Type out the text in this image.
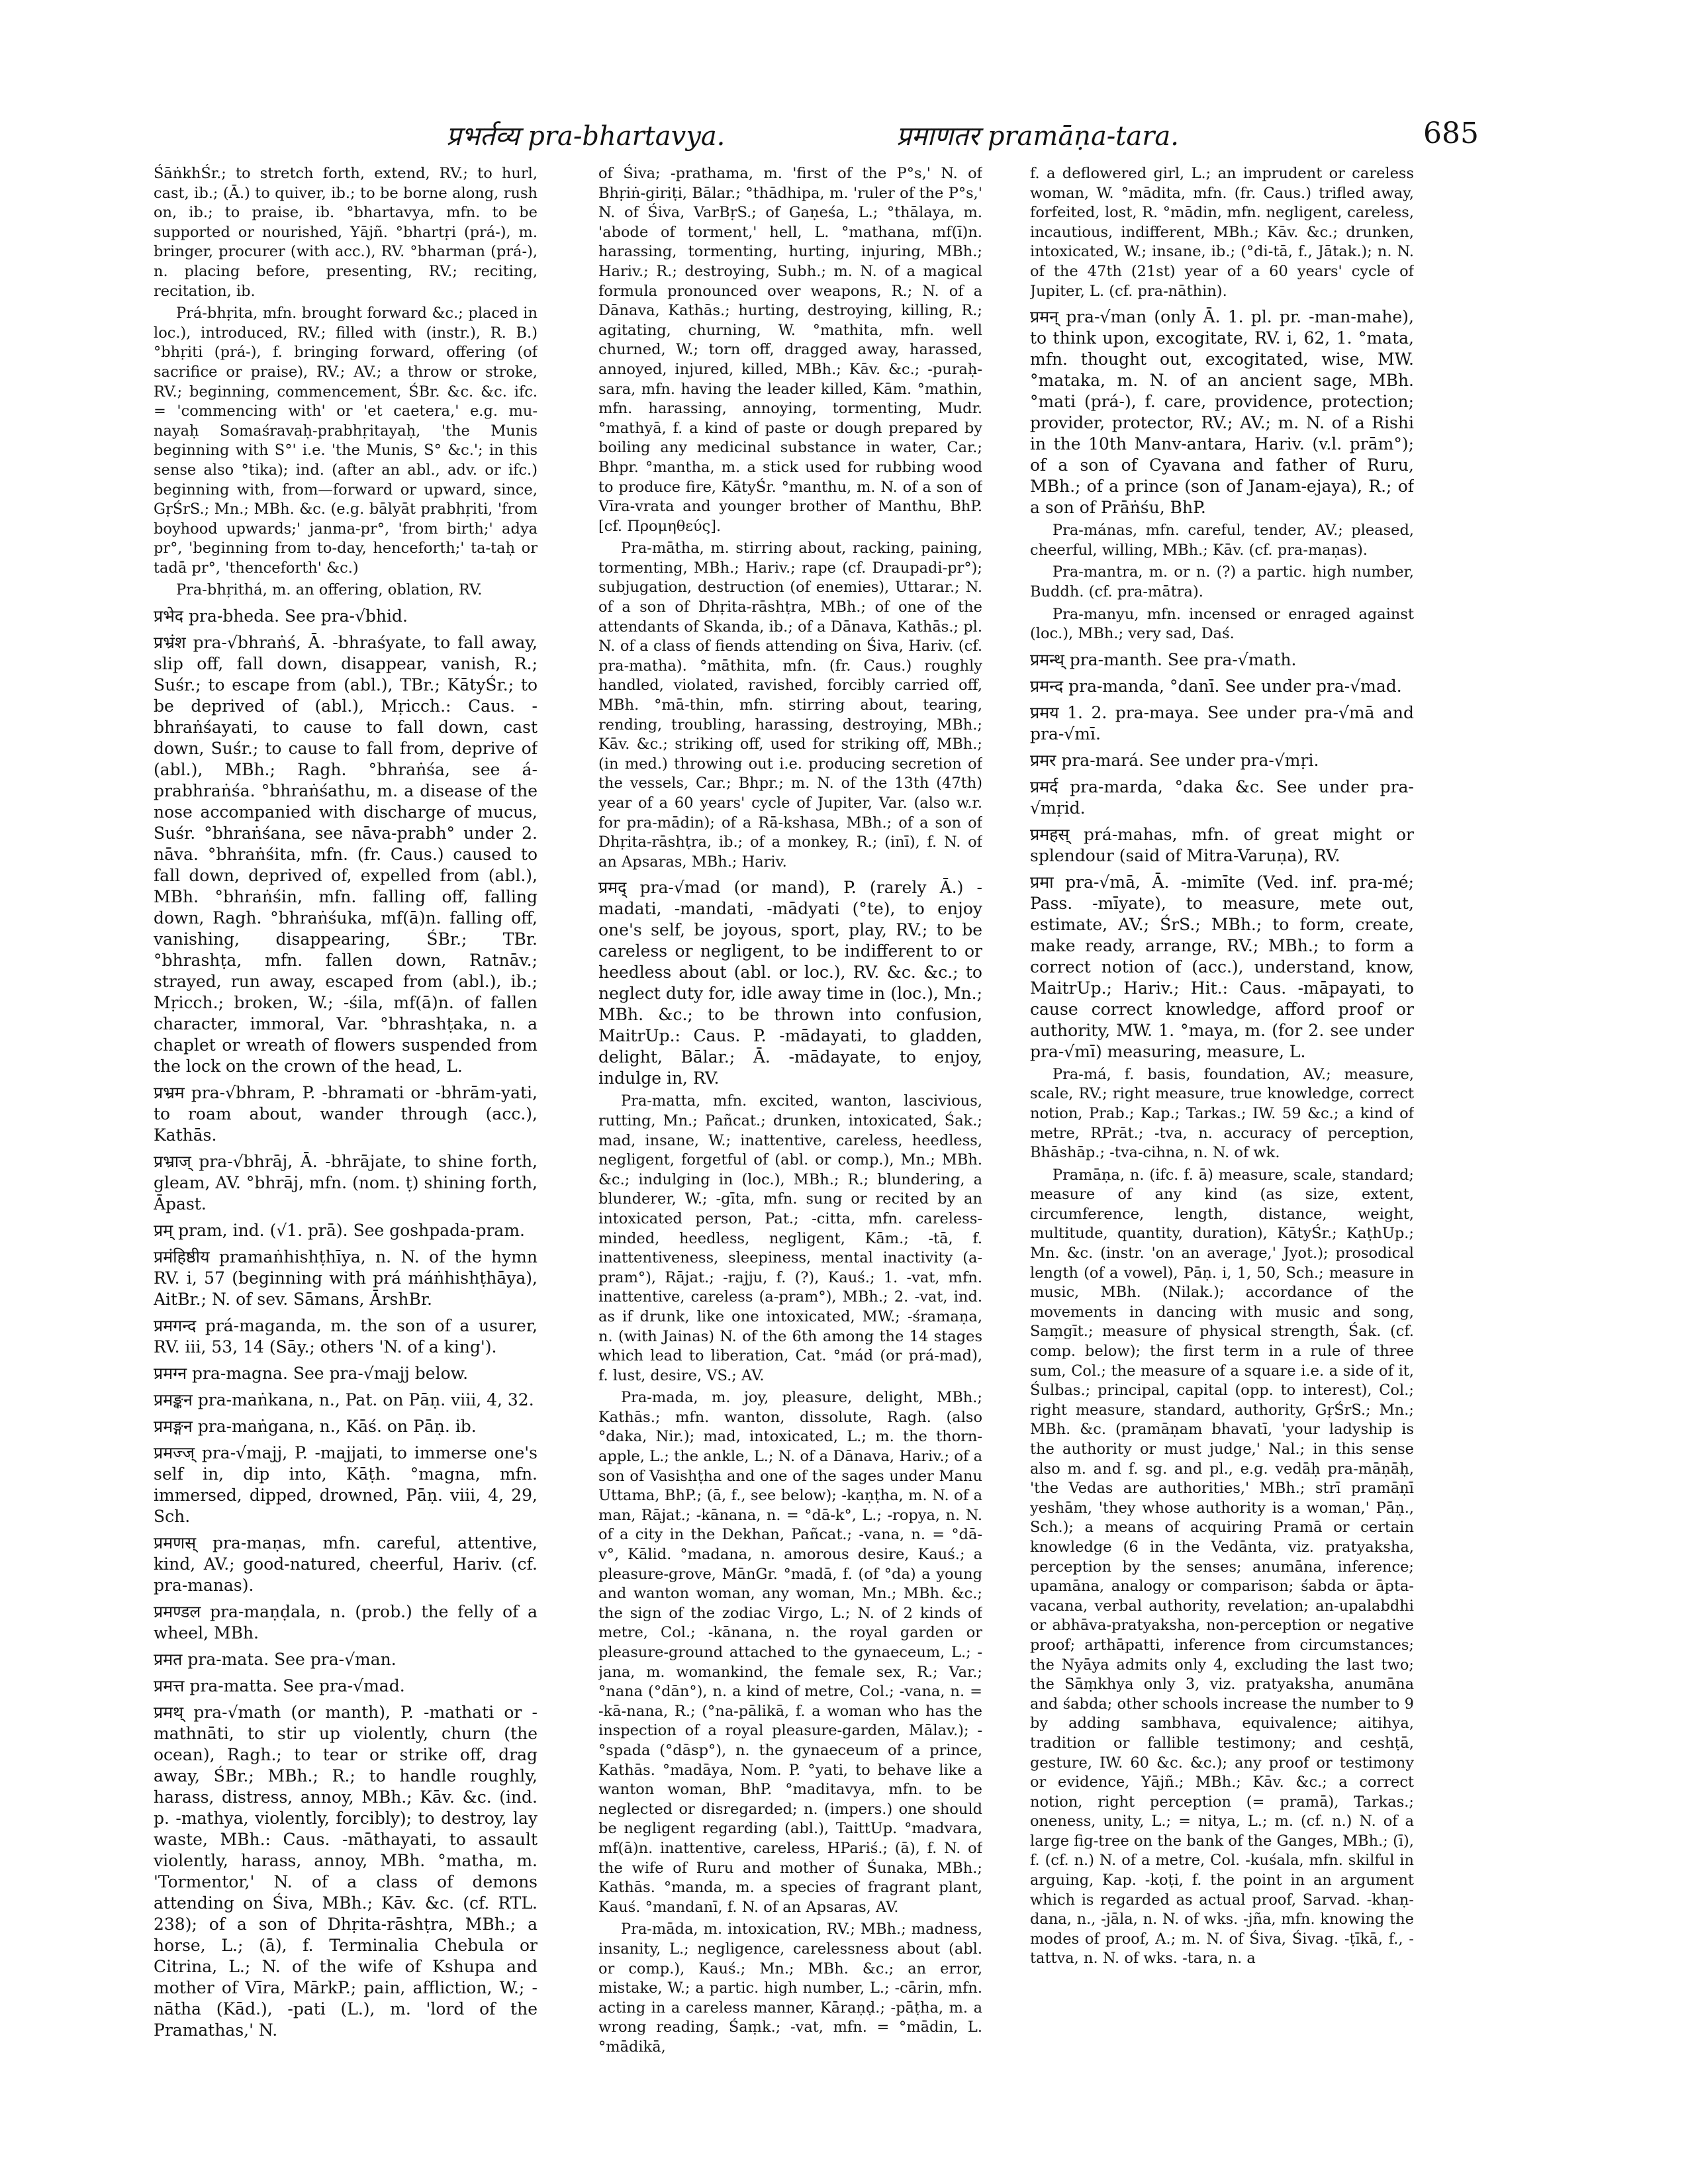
प्रभर्तव्य pra-bhartavya.	प्रमाणतर pramāṇa-tara.	685

ŚāṅkhŚr.; to stretch forth, extend, RV.; to hurl, cast, ib.; (Ā.) to quiver, ib.; to be borne along, rush on, ib.; to praise, ib. °bhartavya, mfn. to be supported or nourished, Yājñ. °bhartṛi (prá-), m. bringer, procurer (with acc.), RV. °bharman (prá-), n. placing before, presenting, RV.; reciting, recitation, ib.

Prá-bhṛita, mfn. brought forward &c.; placed in loc.), introduced, RV.; filled with (instr.), R. B.) °bhṛiti (prá-), f. bringing forward, offering (of sacrifice or praise), RV.; AV.; a throw or stroke, RV.; beginning, commencement, ŚBr. &c. &c. ifc. = 'commencing with' or 'et caetera,' e.g. mu-nayaḥ Somaśravaḥ-prabhṛitayaḥ, 'the Munis beginning with S°' i.e. 'the Munis, S° &c.'; in this sense also °tika); ind. (after an abl., adv. or ifc.) beginning with, from—forward or upward, since, GṛŚrS.; Mn.; MBh. &c. (e.g. bālyāt prabhṛiti, 'from boyhood upwards;' janma-pr°, 'from birth;' adya pr°, 'beginning from to-day, henceforth;' ta-taḥ or tadā pr°, 'thenceforth' &c.)

Pra-bhṛithá, m. an offering, oblation, RV.

प्रभेद pra-bheda. See pra-√bhid.

प्रभ्रंश pra-√bhraṅś, Ā. -bhraśyate, to fall away, slip off, fall down, disappear, vanish, R.; Suśr.; to escape from (abl.), TBr.; KātyŚr.; to be deprived of (abl.), Mṛicch.: Caus. -bhraṅśayati, to cause to fall down, cast down, Suśr.; to cause to fall from, deprive of (abl.), MBh.; Ragh. °bhraṅśa, see á-prabhraṅśa. °bhraṅśathu, m. a disease of the nose accompanied with discharge of mucus, Suśr. °bhraṅśana, see nāva-prabh° under 2. nāva. °bhraṅśita, mfn. (fr. Caus.) caused to fall down, deprived of, expelled from (abl.), MBh. °bhraṅśin, mfn. falling off, falling down, Ragh. °bhraṅśuka, mf(ā)n. falling off, vanishing, disappearing, ŚBr.; TBr. °bhrashṭa, mfn. fallen down, Ratnāv.; strayed, run away, escaped from (abl.), ib.; Mṛicch.; broken, W.; -śila, mf(ā)n. of fallen character, immoral, Var. °bhrashṭaka, n. a chaplet or wreath of flowers suspended from the lock on the crown of the head, L.

प्रभ्रम pra-√bhram, P. -bhramati or -bhrām-yati, to roam about, wander through (acc.), Kathās.

प्रभ्राज् pra-√bhrāj, Ā. -bhrājate, to shine forth, gleam, AV. °bhrāj, mfn. (nom. ṭ) shining forth, Āpast.

प्रम् pram, ind. (√1. prā). See goshpada-pram.

प्रमंहिष्ठीय pramaṅhishṭhīya, n. N. of the hymn RV. i, 57 (beginning with prá máṅhishṭhāya), AitBr.; N. of sev. Sāmans, ĀrshBr.

प्रमगन्द prá-maganda, m. the son of a usurer, RV. iii, 53, 14 (Sāy.; others 'N. of a king').

प्रमग्न pra-magna. See pra-√majj below.

प्रमङ्कन pra-maṅkana, n., Pat. on Pāṇ. viii, 4, 32.

प्रमङ्गन pra-maṅgana, n., Kāś. on Pāṇ. ib.

प्रमज्ज् pra-√majj, P. -majjati, to immerse one's self in, dip into, Kāṭh. °magna, mfn. immersed, dipped, drowned, Pāṇ. viii, 4, 29, Sch.

प्रमणस् pra-maṇas, mfn. careful, attentive, kind, AV.; good-natured, cheerful, Hariv. (cf. pra-manas).

प्रमण्डल pra-maṇḍala, n. (prob.) the felly of a wheel, MBh.

प्रमत pra-mata. See pra-√man.

प्रमत्त pra-matta. See pra-√mad.

प्रमथ् pra-√math (or manth), P. -mathati or -mathnāti, to stir up violently, churn (the ocean), Ragh.; to tear or strike off, drag away, ŚBr.; MBh.; R.; to handle roughly, harass, distress, annoy, MBh.; Kāv. &c. (ind. p. -mathya, violently, forcibly); to destroy, lay waste, MBh.: Caus. -māthayati, to assault violently, harass, annoy, MBh. °matha, m. 'Tormentor,' N. of a class of demons attending on Śiva, MBh.; Kāv. &c. (cf. RTL. 238); of a son of Dhṛita-rāshṭra, MBh.; a horse, L.; (ā), f. Terminalia Chebula or Citrina, L.; N. of the wife of Kshupa and mother of Vīra, MārkP.; pain, affliction, W.; -nātha (Kād.), -pati (L.), m. 'lord of the Pramathas,' N.

of Śiva; -prathama, m. 'first of the P°s,' N. of Bhṛiṅ-giriṭi, Bālar.; °thādhipa, m. 'ruler of the P°s,' N. of Śiva, VarBṛS.; of Gaṇeśa, L.; °thālaya, m. 'abode of torment,' hell, L. °mathana, mf(ī)n. harassing, tormenting, hurting, injuring, MBh.; Hariv.; R.; destroying, Subh.; m. N. of a magical formula pronounced over weapons, R.; N. of a Dānava, Kathās.; hurting, destroying, killing, R.; agitating, churning, W. °mathita, mfn. well churned, W.; torn off, dragged away, harassed, annoyed, injured, killed, MBh.; Kāv. &c.; -puraḥ-sara, mfn. having the leader killed, Kām. °mathin, mfn. harassing, annoying, tormenting, Mudr. °mathyā, f. a kind of paste or dough prepared by boiling any medicinal substance in water, Car.; Bhpr. °mantha, m. a stick used for rubbing wood to produce fire, KātyŚr. °manthu, m. N. of a son of Vīra-vrata and younger brother of Manthu, BhP. [cf. Προμηθεύς].

Pra-mātha, m. stirring about, racking, paining, tormenting, MBh.; Hariv.; rape (cf. Draupadi-pr°); subjugation, destruction (of enemies), Uttarar.; N. of a son of Dhṛita-rāshṭra, MBh.; of one of the attendants of Skanda, ib.; of a Dānava, Kathās.; pl. N. of a class of fiends attending on Śiva, Hariv. (cf. pra-matha). °māthita, mfn. (fr. Caus.) roughly handled, violated, ravished, forcibly carried off, MBh. °mā-thin, mfn. stirring about, tearing, rending, troubling, harassing, destroying, MBh.; Kāv. &c.; striking off, used for striking off, MBh.; (in med.) throwing out i.e. producing secretion of the vessels, Car.; Bhpr.; m. N. of the 13th (47th) year of a 60 years' cycle of Jupiter, Var. (also w.r. for pra-mādin); of a Rā-kshasa, MBh.; of a son of Dhṛita-rāshṭra, ib.; of a monkey, R.; (inī), f. N. of an Apsaras, MBh.; Hariv.

प्रमद् pra-√mad (or mand), P. (rarely Ā.) -madati, -mandati, -mādyati (°te), to enjoy one's self, be joyous, sport, play, RV.; to be careless or negligent, to be indifferent to or heedless about (abl. or loc.), RV. &c. &c.; to neglect duty for, idle away time in (loc.), Mn.; MBh. &c.; to be thrown into confusion, MaitrUp.: Caus. P. -mādayati, to gladden, delight, Bālar.; Ā. -mādayate, to enjoy, indulge in, RV.

Pra-matta, mfn. excited, wanton, lascivious, rutting, Mn.; Pañcat.; drunken, intoxicated, Śak.; mad, insane, W.; inattentive, careless, heedless, negligent, forgetful of (abl. or comp.), Mn.; MBh. &c.; indulging in (loc.), MBh.; R.; blundering, a blunderer, W.; -gīta, mfn. sung or recited by an intoxicated person, Pat.; -citta, mfn. careless-minded, heedless, negligent, Kām.; -tā, f. inattentiveness, sleepiness, mental inactivity (a-pram°), Rājat.; -rajju, f. (?), Kauś.; 1. -vat, mfn. inattentive, careless (a-pram°), MBh.; 2. -vat, ind. as if drunk, like one intoxicated, MW.; -śramaṇa, n. (with Jainas) N. of the 6th among the 14 stages which lead to liberation, Cat. °mád (or prá-mad), f. lust, desire, VS.; AV.

Pra-mada, m. joy, pleasure, delight, MBh.; Kathās.; mfn. wanton, dissolute, Ragh. (also °daka, Nir.); mad, intoxicated, L.; m. the thorn-apple, L.; the ankle, L.; N. of a Dānava, Hariv.; of a son of Vasishṭha and one of the sages under Manu Uttama, BhP.; (ā, f., see below); -kaṇṭha, m. N. of a man, Rājat.; -kānana, n. = °dā-k°, L.; -ropya, n. N. of a city in the Dekhan, Pañcat.; -vana, n. = °dā-v°, Kālid. °madana, n. amorous desire, Kauś.; a pleasure-grove, MānGr. °madā, f. (of °da) a young and wanton woman, any woman, Mn.; MBh. &c.; the sign of the zodiac Virgo, L.; N. of 2 kinds of metre, Col.; -kānana, n. the royal garden or pleasure-ground attached to the gynaeceum, L.; -jana, m. womankind, the female sex, R.; Var.; °nana (°dān°), n. a kind of metre, Col.; -vana, n. = -kā-nana, R.; (°na-pālikā, f. a woman who has the inspection of a royal pleasure-garden, Mālav.); -°spada (°dāsp°), n. the gynaeceum of a prince, Kathās. °madāya, Nom. P. °yati, to behave like a wanton woman, BhP. °maditavya, mfn. to be neglected or disregarded; n. (impers.) one should be negligent regarding (abl.), TaittUp. °madvara, mf(ā)n. inattentive, careless, HPariś.; (ā), f. N. of the wife of Ruru and mother of Śunaka, MBh.; Kathās. °manda, m. a species of fragrant plant, Kauś. °mandanī, f. N. of an Apsaras, AV.

Pra-māda, m. intoxication, RV.; MBh.; madness, insanity, L.; negligence, carelessness about (abl. or comp.), Kauś.; Mn.; MBh. &c.; an error, mistake, W.; a partic. high number, L.; -cārin, mfn. acting in a careless manner, Kāraṇḍ.; -pāṭha, m. a wrong reading, Śaṃk.; -vat, mfn. = °mādin, L. °mādikā,

f. a deflowered girl, L.; an imprudent or careless woman, W. °mādita, mfn. (fr. Caus.) trifled away, forfeited, lost, R. °mādin, mfn. negligent, careless, incautious, indifferent, MBh.; Kāv. &c.; drunken, intoxicated, W.; insane, ib.; (°di-tā, f., Jātak.); n. N. of the 47th (21st) year of a 60 years' cycle of Jupiter, L. (cf. pra-nāthin).

प्रमन् pra-√man (only Ā. 1. pl. pr. -man-mahe), to think upon, excogitate, RV. i, 62, 1. °mata, mfn. thought out, excogitated, wise, MW. °mataka, m. N. of an ancient sage, MBh. °mati (prá-), f. care, providence, protection; provider, protector, RV.; AV.; m. N. of a Rishi in the 10th Manv-antara, Hariv. (v.l. prām°); of a son of Cyavana and father of Ruru, MBh.; of a prince (son of Janam-ejaya), R.; of a son of Prāṅśu, BhP.

Pra-mánas, mfn. careful, tender, AV.; pleased, cheerful, willing, MBh.; Kāv. (cf. pra-maṇas).

Pra-mantra, m. or n. (?) a partic. high number, Buddh. (cf. pra-mātra).

Pra-manyu, mfn. incensed or enraged against (loc.), MBh.; very sad, Daś.

प्रमन्थ् pra-manth. See pra-√math.

प्रमन्द pra-manda, °danī. See under pra-√mad.

प्रमय 1. 2. pra-maya. See under pra-√mā and pra-√mī.

प्रमर pra-mará. See under pra-√mṛi.

प्रमर्द pra-marda, °daka &c. See under pra-√mṛid.

प्रमहस् prá-mahas, mfn. of great might or splendour (said of Mitra-Varuṇa), RV.

प्रमा pra-√mā, Ā. -mimīte (Ved. inf. pra-mé; Pass. -mīyate), to measure, mete out, estimate, AV.; ŚrS.; MBh.; to form, create, make ready, arrange, RV.; MBh.; to form a correct notion of (acc.), understand, know, MaitrUp.; Hariv.; Hit.: Caus. -māpayati, to cause correct knowledge, afford proof or authority, MW. 1. °maya, m. (for 2. see under pra-√mī) measuring, measure, L.

Pra-má, f. basis, foundation, AV.; measure, scale, RV.; right measure, true knowledge, correct notion, Prab.; Kap.; Tarkas.; IW. 59 &c.; a kind of metre, RPrāt.; -tva, n. accuracy of perception, Bhāshāp.; -tva-cihna, n. N. of wk.

Pramāṇa, n. (ifc. f. ā) measure, scale, standard; measure of any kind (as size, extent, circumference, length, distance, weight, multitude, quantity, duration), KātyŚr.; KaṭhUp.; Mn. &c. (instr. 'on an average,' Jyot.); prosodical length (of a vowel), Pāṇ. i, 1, 50, Sch.; measure in music, MBh. (Nilak.); accordance of the movements in dancing with music and song, Saṃgīt.; measure of physical strength, Śak. (cf. comp. below); the first term in a rule of three sum, Col.; the measure of a square i.e. a side of it, Śulbas.; principal, capital (opp. to interest), Col.; right measure, standard, authority, GṛŚrS.; Mn.; MBh. &c. (pramāṇam bhavatī, 'your ladyship is the authority or must judge,' Nal.; in this sense also m. and f. sg. and pl., e.g. vedāḥ pra-māṇāḥ, 'the Vedas are authorities,' MBh.; strī pramāṇī yeshām, 'they whose authority is a woman,' Pāṇ., Sch.); a means of acquiring Pramā or certain knowledge (6 in the Vedānta, viz. pratyaksha, perception by the senses; anumāna, inference; upamāna, analogy or comparison; śabda or āpta-vacana, verbal authority, revelation; an-upalabdhi or abhāva-pratyaksha, non-perception or negative proof; arthāpatti, inference from circumstances; the Nyāya admits only 4, excluding the last two; the Sāṃkhya only 3, viz. pratyaksha, anumāna and śabda; other schools increase the number to 9 by adding sambhava, equivalence; aitihya, tradition or fallible testimony; and ceshṭā, gesture, IW. 60 &c. &c.); any proof or testimony or evidence, Yājñ.; MBh.; Kāv. &c.; a correct notion, right perception (= pramā), Tarkas.; oneness, unity, L.; = nitya, L.; m. (cf. n.) N. of a large fig-tree on the bank of the Ganges, MBh.; (ī), f. (cf. n.) N. of a metre, Col. -kuśala, mfn. skilful in arguing, Kap. -koṭi, f. the point in an argument which is regarded as actual proof, Sarvad. -khaṇ-dana, n., -jāla, n. N. of wks. -jña, mfn. knowing the modes of proof, A.; m. N. of Śiva, Śivag. -ṭīkā, f., -tattva, n. N. of wks. -tara, n. a
